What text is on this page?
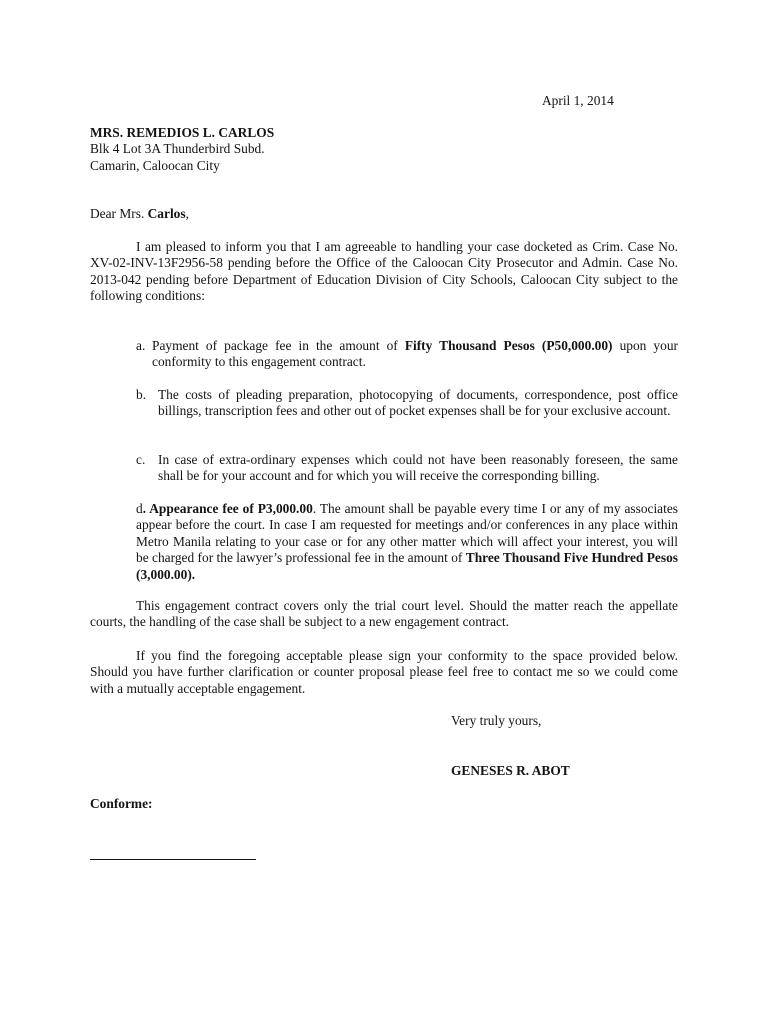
April 1, 2014
MRS. REMEDIOS L. CARLOS
Blk 4 Lot 3A Thunderbird Subd.
Camarin, Caloocan City
Dear Mrs. Carlos,
I am pleased to inform you that I am agreeable to handling your case docketed as Crim. Case No. XV-02-INV-13F2956-58 pending before the Office of the Caloocan City Prosecutor and Admin. Case No. 2013-042 pending before Department of Education Division of City Schools, Caloocan City subject to the following conditions:
a. Payment of package fee in the amount of Fifty Thousand Pesos (P50,000.00) upon your conformity to this engagement contract.
b. The costs of pleading preparation, photocopying of documents, correspondence, post office billings, transcription fees and other out of pocket expenses shall be for your exclusive account.
c. In case of extra-ordinary expenses which could not have been reasonably foreseen, the same shall be for your account and for which you will receive the corresponding billing.
d. Appearance fee of P3,000.00. The amount shall be payable every time I or any of my associates appear before the court. In case I am requested for meetings and/or conferences in any place within Metro Manila relating to your case or for any other matter which will affect your interest, you will be charged for the lawyer’s professional fee in the amount of Three Thousand Five Hundred Pesos (3,000.00).
This engagement contract covers only the trial court level. Should the matter reach the appellate courts, the handling of the case shall be subject to a new engagement contract.
If you find the foregoing acceptable please sign your conformity to the space provided below. Should you have further clarification or counter proposal please feel free to contact me so we could come with a mutually acceptable engagement.
Very truly yours,
GENESES R. ABOT
Conforme:
